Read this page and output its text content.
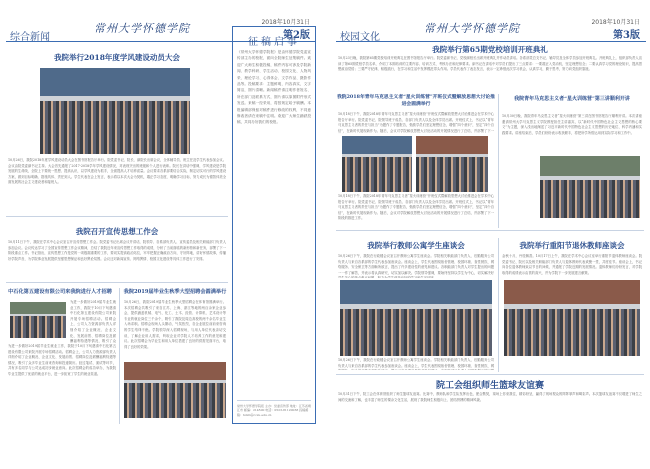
综合新闻
常州大学怀德学院	2018年10月31日
第2版
我院举行2018年度学风建设动员大会
10月26日，我院2018年度学风建设动员大会在图书馆报告厅举行。院党委书记、院长、副院长出席会议，全体辅导员、班主任及学生代表参加会议。会议由院党委副书记主持。大会首先通报了2017-2018学年学风建设情况，对表现突出的班级和个人进行表彰。院长在讲话中强调，学风建设是学院发展的生命线，全院上下要统一思想、提高认识，以学风建设为抓手，全面提高人才培养质量。会议要求各系部要结合实际，制定切实可行的学风建设方案，做到目标明确、措施具体、责任到人。学生代表在会上发言，表示将以本次大会为契机，端正学习态度，明确学习目标，努力成长为德智体美全面发展的社会主义建设者和接班人。
我院召开宣传思想工作会
10月11日下午，我院在学术中心会议室召开宣传思想工作会。院党委书记出席会议并讲话，院领导、各系部负责人、宣传委员及相关职能部门负责人参加会议。会议传达学习了全国宣传思想工作会议精神，总结了我院近年来宣传思想工作取得的成绩，分析了当前面临的新形势和新任务，部署了下一阶段重点工作。书记指出，宣传思想工作是党的一项极端重要的工作，要切实提高政治站位，牢牢把握正确政治方向，守好阵地，讲好怀德故事，传播好学院声音，为学院事业发展提供坚强思想保证和良好舆论氛围。会议还对新闻宣传、网络舆情、校园文化建设等具体工作进行了安排。
中石化第五建设有限公司来我院进行人才招聘
为进一步做好2019届毕业生就业工作，我院于10月下旬邀请中石化第五建设有限公司来院开展专场招聘活动。招聘会上，公司人力资源部负责人详细介绍了企业概况、企业文化、发展前景、招聘岗位及薪酬福利待遇等情况，吸引了众
为进一步做好2019届毕业生就业工作，我院于10月下旬邀请中石化第五建设有限公司来院开展专场招聘活动。招聘会上，公司人力资源部负责人详细介绍了企业概况、企业文化、发展前景、招聘岗位及薪酬福利待遇等情况，吸引了众多毕业生前来咨询和投递简历。经过笔试、面试等环节，共有多名同学与公司达成初步就业意向。此次招聘会的成功举办，为我院毕业生提供了优质的就业平台，进一步拓宽了学生的就业渠道。
我院2019届毕业生秋季大型招聘会圆满举行
10月26日，我院2019届毕业生秋季大型招聘会在体育馆圆满举行。本次招聘会共吸引了来自江苏、上海、浙江等地的两百余家企业参会，提供涵盖机械、电气、化工、土木、经管、计算机、艺术设计等专业的就业岗位三千余个，吸引了我院及周边高校的两千余名毕业生入场求职。招聘会现场人头攒动，气氛热烈，各企业展位前前来咨询的学生络绎不绝。学院领导深入招聘现场，与用人单位代表亲切交谈，了解企业用人需求，听取企业对学院人才培养工作的意见和建议。此次招聘会为毕业生和用人单位搭建了良好的供需见面平台，取得了良好的效果。
征稿启事
《常州大学怀德学院报》是由怀德学院党委宣传部主办的校报，面向全院师生征集稿件。欢迎广大师生积极投稿，稿件内容可涉及学院新闻、教学科研、学生活动、校园文化、人物风采、理论学习、心得体会、文学作品、摄影作品等。投稿要求：主题鲜明，内容真实，文字简洁，图片清晰。新闻稿件请注明作者姓名、所在部门及联系方式，图片请以原图附件形式发送。来稿一经采用，将按规定给予稿酬。本报编辑部保留对稿件进行修改的权利，不同意修改者请在来稿中注明。欢迎广大师生踊跃投稿，共同办好我们的校报。
常州大学怀德学院报 主办：党委宣传部 地址：江苏省靖江市 邮编：214500 电话：0523-81120038 投稿邮箱：hdxb@cczu.edu.cn
校园文化
常州大学怀德学院	2018年10月31日
第3版
我院举行第65期党校培训开班典礼
10月23日晚，我院第65期党校培训开班典礼在图书馆报告厅举行。院党委副书记、党校副校长出席开班典礼并作动员讲话。各系部党总支书记、辅导员及全体学员参加开班典礼。开班典礼上，组织部负责人宣读了第65期党校学员名单，介绍了本期培训的主要内容、培训方式、考核办法和纪律要求。副书记在讲话中对学员们提出了三点要求：一要端正入党动机，坚定理想信念；二要认真学习党的理论知识，提高思想政治觉悟；三要严守纪律，积极践行，在学习和生活中发挥模范带头作用。学员代表作了表态发言，表示一定珍惜此次学习机会，认真学习，勤于思考，努力向党组织靠拢。
我院2018年青年马克思主义者“星火训练营”开班仪式暨解放思想大讨论推进会圆满举行
10月18日下午，我院2018年青年马克思主义者“星火训练营”开班仪式暨解放思想大讨论推进会在学术中心报告厅举行。院党委书记、院领导班子成员、各部门负责人以及全体学员出席。开班仪式上，书记以“青年马克思主义者的责任与担当”为题作了专题报告，勉励学员们坚定理想信念，增强“四个意识”，坚定“四个自信”，在新时代展现新作为。随后，会议对学院解放思想大讨论活动的开展情况进行了总结，并部署了下一
10月18日下午，我院2018年青年马克思主义者“星火训练营”开班仪式暨解放思想大讨论推进会在学术中心报告厅举行。院党委书记、院领导班子成员、各部门负责人以及全体学员出席。开班仪式上，书记以“青年马克思主义者的责任与担当”为题作了专题报告，勉励学员们坚定理想信念，增强“四个意识”，坚定“四个自信”，在新时代展现新作为。随后，会议对学院解放思想大讨论活动的开展情况进行了总结，并部署了下一阶段的推进工作。
我院青年马克思主义者“星火训练营”第三讲顺利开讲
10月30日晚，我院青年马克思主义者“星火训练营”第三讲在图书馆报告厅顺利开讲。本次讲座邀请常州大学马克思主义学院教授担任主讲嘉宾，以“新时代中国特色社会主义思想的核心要义”为主题，深入浅出地阐述了习近平新时代中国特色社会主义思想的历史地位、科学内涵和实践要求。讲座结束后，学员们纷纷表示收获颇丰，将把所学所悟运用到实际学习和工作中。
我院举行教师公寓学生座谈会
10月26日下午，我院在行政楼会议室召开教师公寓学生座谈会。学院相关职能部门负责人、后勤服务公司负责人与来自各系部的学生代表参加座谈会。座谈会上，学生代表围绕宿舍管理、校园环境、食堂餐饮、网络服务、安全保卫等方面畅所欲言，提出了许多建设性的意见和建议。各职能部门负责人对学生提出的问题一一作了解答，并表示将认真研究，切实加以解决。学院领导强调，要始终坚持以学生为中心，切实解决好
10月26日下午，我院在行政楼会议室召开教师公寓学生座谈会。学院相关职能部门负责人、后勤服务公司负责人与来自各系部的学生代表参加座谈会。座谈会上，学生代表围绕宿舍管理、校园环境、食堂餐饮、网
我院举行重阳节退休教师座谈会
金秋十月，丹桂飘香。10月17日上午，我院在学术中心会议室举行重阳节退休教师座谈会。院党委书记、院长以及相关职能部门负责人与退休教师代表欢聚一堂，共度佳节。座谈会上，书记向各位退休教师致以节日的问候，并通报了学院近期的发展情况。退休教师们纷纷发言，对学院取得的成绩表示由衷的高兴，并为学院下一步发展建言献策。
院工会组织师生篮球友谊赛
10月31日下午，院工会在体育馆组织了师生篮球友谊赛。比赛中，教师队和学生队发挥出色，配合默契，赛场上你来我往，精彩纷呈，赢得了现场观众的阵阵掌声和喝彩声。本次篮球友谊赛不仅增进了师生之间的交流和了解，也丰富了师生的课余文化生活，展现了我院师生积极向上、团结拼搏的精神风貌。
